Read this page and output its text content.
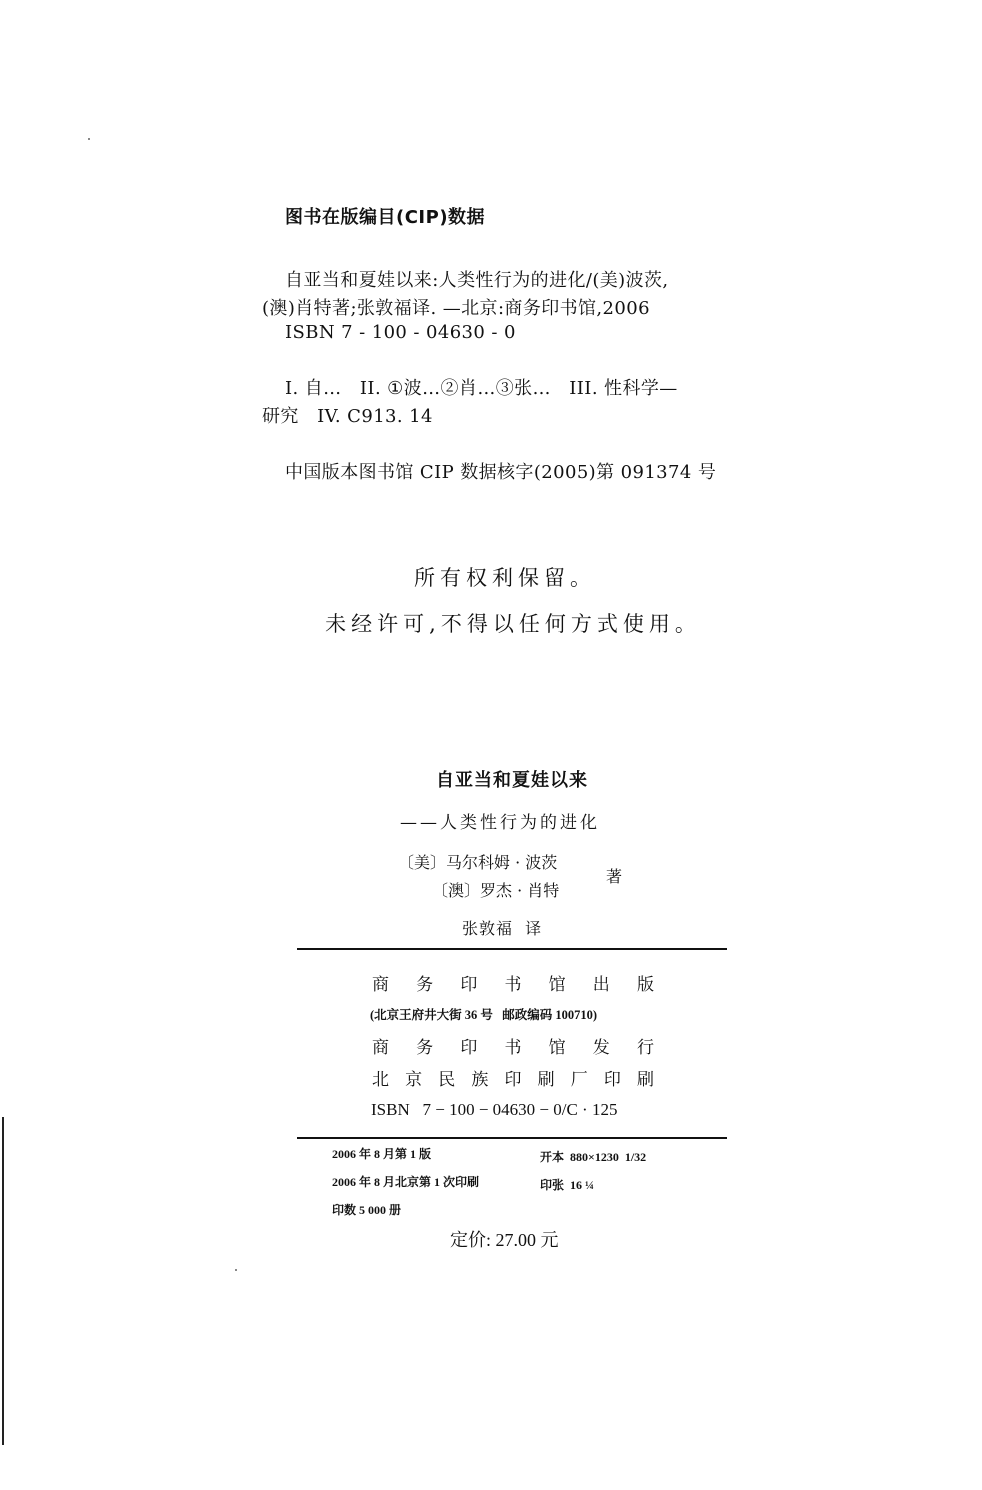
图书在版编目(CIP)数据
自亚当和夏娃以来:人类性行为的进化/(美)波茨,
(澳)肖特著;张敦福译. —北京:商务印书馆,2006
ISBN 7 - 100 - 04630 - 0
I. 自…   II. ①波…②肖…③张…   III. 性科学—
研究   IV. C913. 14
中国版本图书馆 CIP 数据核字(2005)第 091374 号
所有权利保留。
未经许可,不得以任何方式使用。
自亚当和夏娃以来
——人类性行为的进化
〔美〕马尔科姆 · 波茨
〔澳〕罗杰 · 肖特
著
张敦福  译
商 务 印 书 馆 出 版
(北京王府井大街 36 号   邮政编码 100710)
商 务 印 书 馆 发 行
北 京 民 族 印 刷 厂 印 刷
ISBN   7 − 100 − 04630 − 0/C · 125
2006 年 8 月第 1 版	开本  880×1230  1/32
2006 年 8 月北京第 1 次印刷	印张  16 ¼
印数 5 000 册
定价: 27.00 元
